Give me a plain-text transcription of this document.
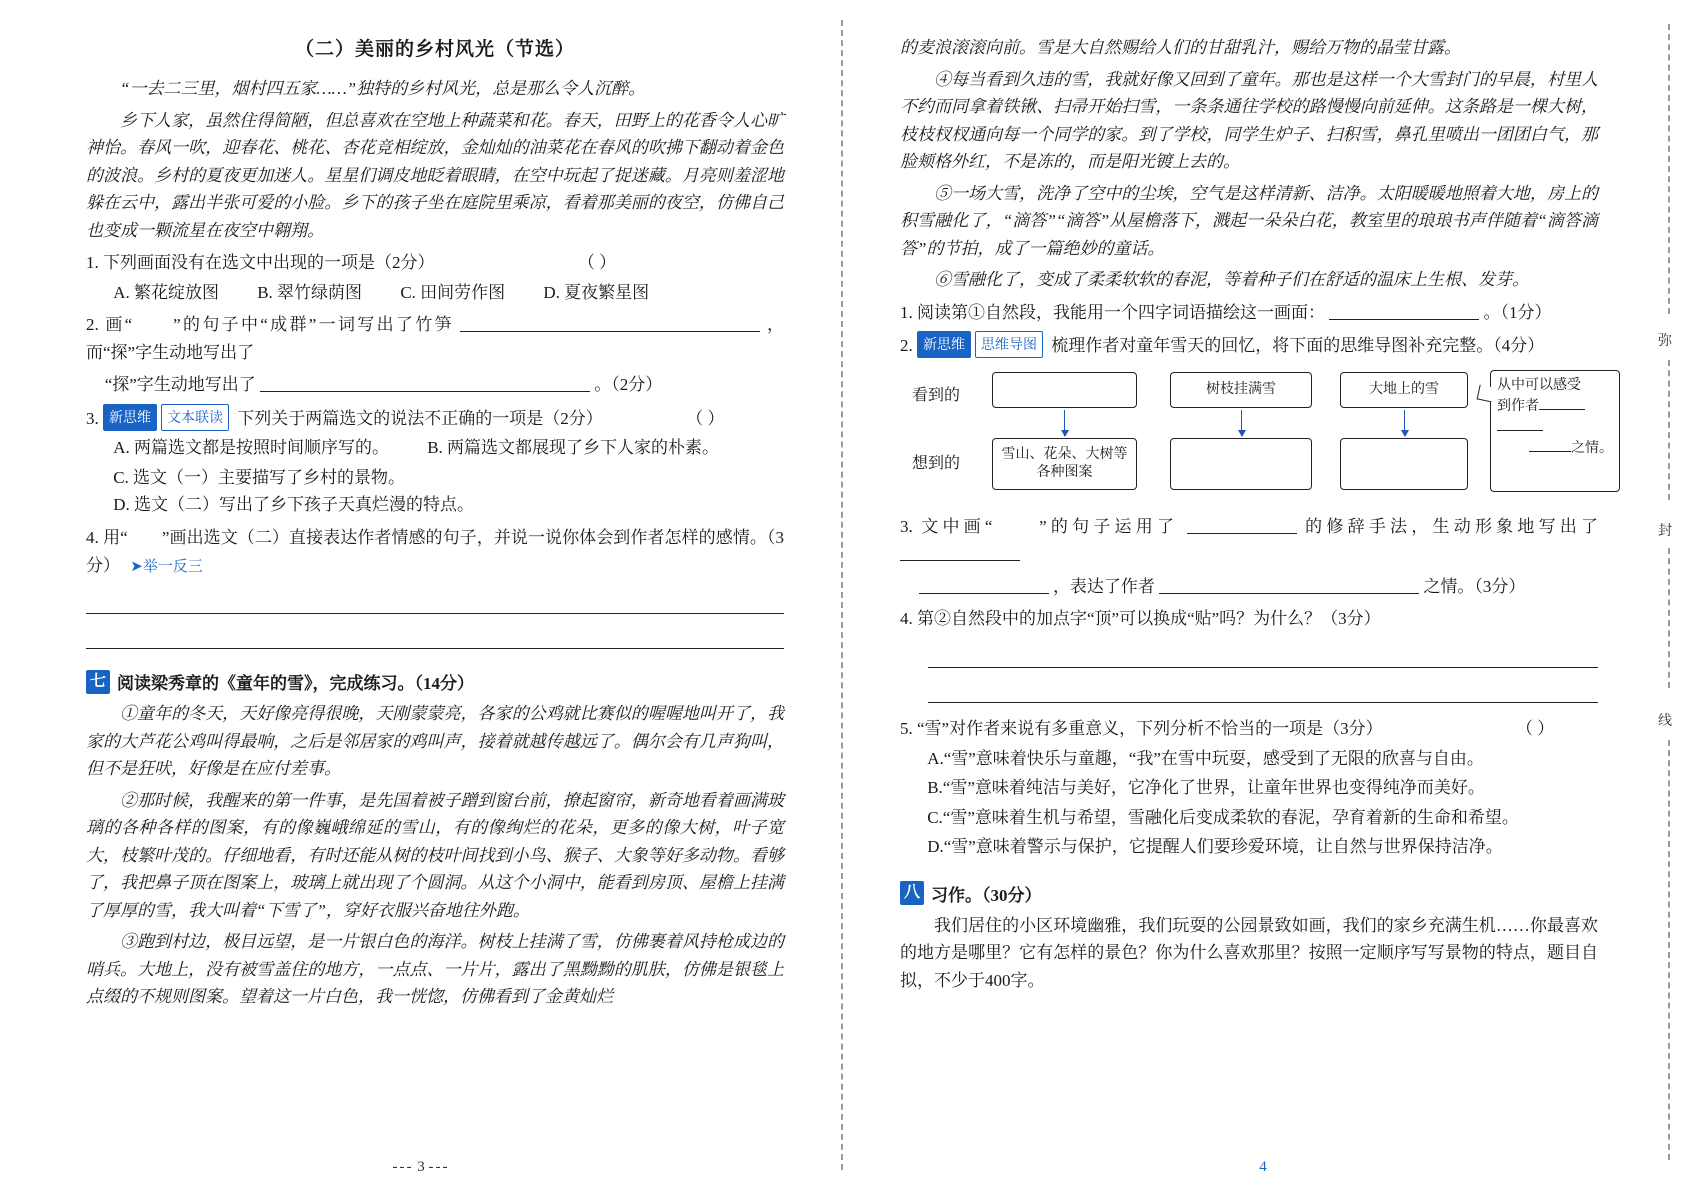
（二）美丽的乡村风光（节选）

“一去二三里，烟村四五家……”独特的乡村风光，总是那么令人沉醉。

乡下人家，虽然住得简陋，但总喜欢在空地上种蔬菜和花。春天，田野上的花香令人心旷神怡。春风一吹，迎春花、桃花、杏花竞相绽放，金灿灿的油菜花在春风的吹拂下翻动着金色的波浪。乡村的夏夜更加迷人。星星们调皮地眨着眼睛，在空中玩起了捉迷藏。月亮则羞涩地躲在云中，露出半张可爱的小脸。乡下的孩子坐在庭院里乘凉，看着那美丽的夜空，仿佛自己也变成一颗流星在夜空中翱翔。

1. 下列画面没有在选文中出现的一项是（2分）	（ ）
A. 繁花绽放图 B. 翠竹绿荫图 C. 田间劳作图 D. 夏夜繁星图
2. 画“　　”的句子中“成群”一词写出了竹笋	，而“探”字生动地写出了
“探”字生动地写出了	。（2分）
3. 新思维 文本联读 下列关于两篇选文的说法不正确的一项是（2分）	（ ）
A. 两篇选文都是按照时间顺序写的。 B. 两篇选文都展现了乡下人家的朴素。
C. 选文（一）主要描写了乡村的景物。 D. 选文（二）写出了乡下孩子天真烂漫的特点。
4. 用“　　”画出选文（二）直接表达作者情感的句子，并说一说你体会到作者怎样的感情。（3分） ➤举一反三
七 阅读梁秀章的《童年的雪》，完成练习。（14分）

①童年的冬天，天好像亮得很晚，天刚蒙蒙亮，各家的公鸡就比赛似的喔喔地叫开了，我家的大芦花公鸡叫得最响，之后是邻居家的鸡叫声，接着就越传越远了。偶尔会有几声狗叫，但不是狂吠，好像是在应付差事。

②那时候，我醒来的第一件事，是先国着被子蹭到窗台前，撩起窗帘，新奇地看着画满玻璃的各种各样的图案，有的像巍峨绵延的雪山，有的像绚烂的花朵，更多的像大树，叶子宽大，枝繁叶茂的。仔细地看，有时还能从树的枝叶间找到小鸟、猴子、大象等好多动物。看够了，我把鼻子顶在图案上，玻璃上就出现了个圆洞。从这个小洞中，能看到房顶、屋檐上挂满了厚厚的雪，我大叫着“下雪了”，穿好衣服兴奋地往外跑。

③跑到村边，极目远望，是一片银白色的海洋。树枝上挂满了雪，仿佛裹着风持枪成边的哨兵。大地上，没有被雪盖住的地方，一点点、一片片，露出了黑黝黝的肌肤，仿佛是银毯上点缀的不规则图案。望着这一片白色，我一恍惚，仿佛看到了金黄灿烂

--- 3 ---

的麦浪滚滚向前。雪是大自然赐给人们的甘甜乳汁，赐给万物的晶莹甘露。

④每当看到久违的雪，我就好像又回到了童年。那也是这样一个大雪封门的早晨，村里人不约而同拿着铁锹、扫帚开始扫雪，一条条通往学校的路慢慢向前延伸。这条路是一棵大树，枝枝杈杈通向每一个同学的家。到了学校，同学生炉子、扫积雪，鼻孔里喷出一团团白气，那脸颊格外红，不是冻的，而是阳光镀上去的。

⑤一场大雪，洗净了空中的尘埃，空气是这样清新、洁净。太阳暖暖地照着大地，房上的积雪融化了，“滴答”“滴答”从屋檐落下，溅起一朵朵白花，教室里的琅琅书声伴随着“滴答滴答”的节拍，成了一篇绝妙的童话。

⑥雪融化了，变成了柔柔软软的春泥，等着种子们在舒适的温床上生根、发芽。

1. 阅读第①自然段，我能用一个四字词语描绘这一画面：	。（1分）
2. 新思维 思维导图 梳理作者对童年雪天的回忆，将下面的思维导图补充完整。（4分）
看到的
想到的
树枝挂满雪	大地上的雪
雪山、花朵、大树等各种图案
从中可以感受
到作者
之情。
3. 文中画“　　”的句子运用了	的修辞手法，生动形象地写出了
，表达了作者	之情。（3分）
4. 第②自然段中的加点字“顶”可以换成“贴”吗？为什么？（3分）
5. “雪”对作者来说有多重意义，下列分析不恰当的一项是（3分）	（ ）
A.“雪”意味着快乐与童趣，“我”在雪中玩耍，感受到了无限的欣喜与自由。
B.“雪”意味着纯洁与美好，它净化了世界，让童年世界也变得纯净而美好。
C.“雪”意味着生机与希望，雪融化后变成柔软的春泥，孕育着新的生命和希望。
D.“雪”意味着警示与保护，它提醒人们要珍爱环境，让自然与世界保持洁净。
八 习作。（30分）

我们居住的小区环境幽雅，我们玩耍的公园景致如画，我们的家乡充满生机……你最喜欢的地方是哪里？它有怎样的景色？你为什么喜欢那里？按照一定顺序写写景物的特点，题目自拟，不少于400字。

弥
封
线
4
